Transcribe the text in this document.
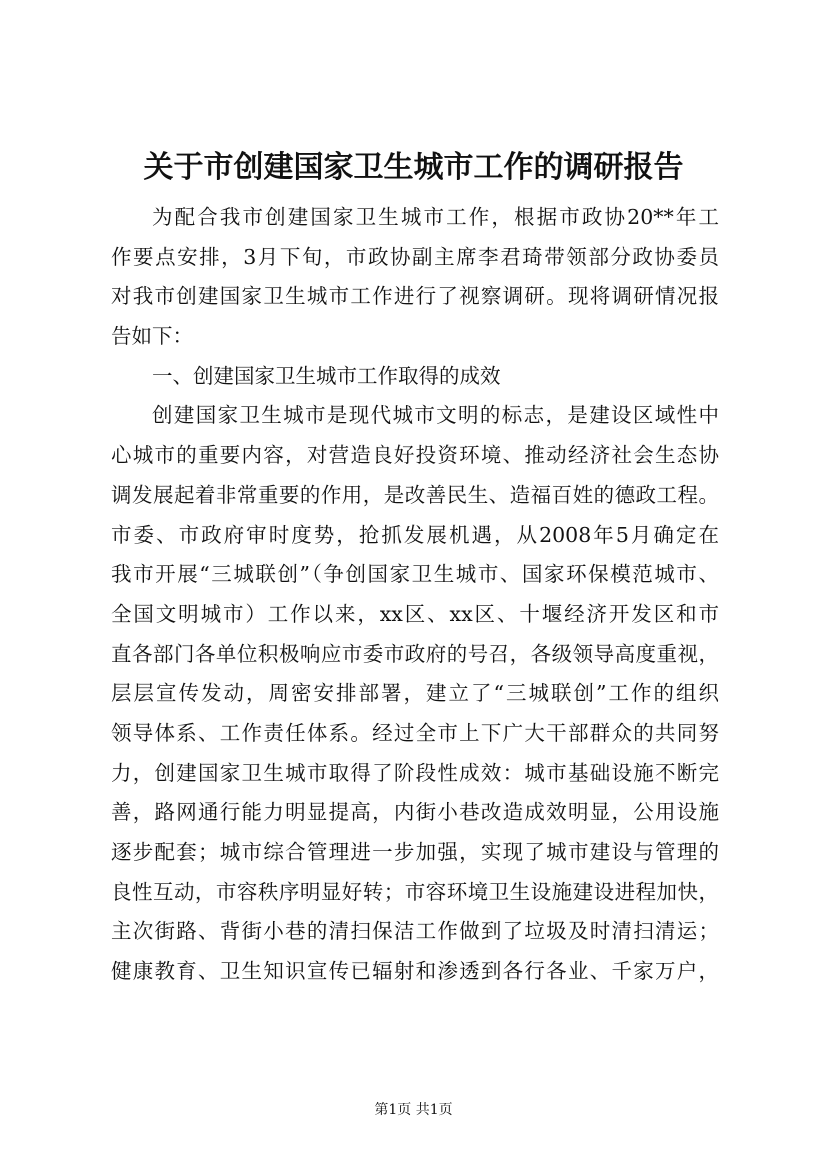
关于市创建国家卫生城市工作的调研报告
为配合我市创建国家卫生城市工作，根据市政协20**年工
作要点安排，3月下旬，市政协副主席李君琦带领部分政协委员
对我市创建国家卫生城市工作进行了视察调研。现将调研情况报
告如下：
一、创建国家卫生城市工作取得的成效
创建国家卫生城市是现代城市文明的标志，是建设区域性中
心城市的重要内容，对营造良好投资环境、推动经济社会生态协
调发展起着非常重要的作用，是改善民生、造福百姓的德政工程。
市委、市政府审时度势，抢抓发展机遇，从2008年5月确定在
我市开展“三城联创”（争创国家卫生城市、国家环保模范城市、
全国文明城市）工作以来，xx区、xx区、十堰经济开发区和市
直各部门各单位积极响应市委市政府的号召，各级领导高度重视，
层层宣传发动，周密安排部署，建立了“三城联创”工作的组织
领导体系、工作责任体系。经过全市上下广大干部群众的共同努
力，创建国家卫生城市取得了阶段性成效：城市基础设施不断完
善，路网通行能力明显提高，内街小巷改造成效明显，公用设施
逐步配套；城市综合管理进一步加强，实现了城市建设与管理的
良性互动，市容秩序明显好转；市容环境卫生设施建设进程加快，
主次街路、背街小巷的清扫保洁工作做到了垃圾及时清扫清运；
健康教育、卫生知识宣传已辐射和渗透到各行各业、千家万户，
第1页 共1页
